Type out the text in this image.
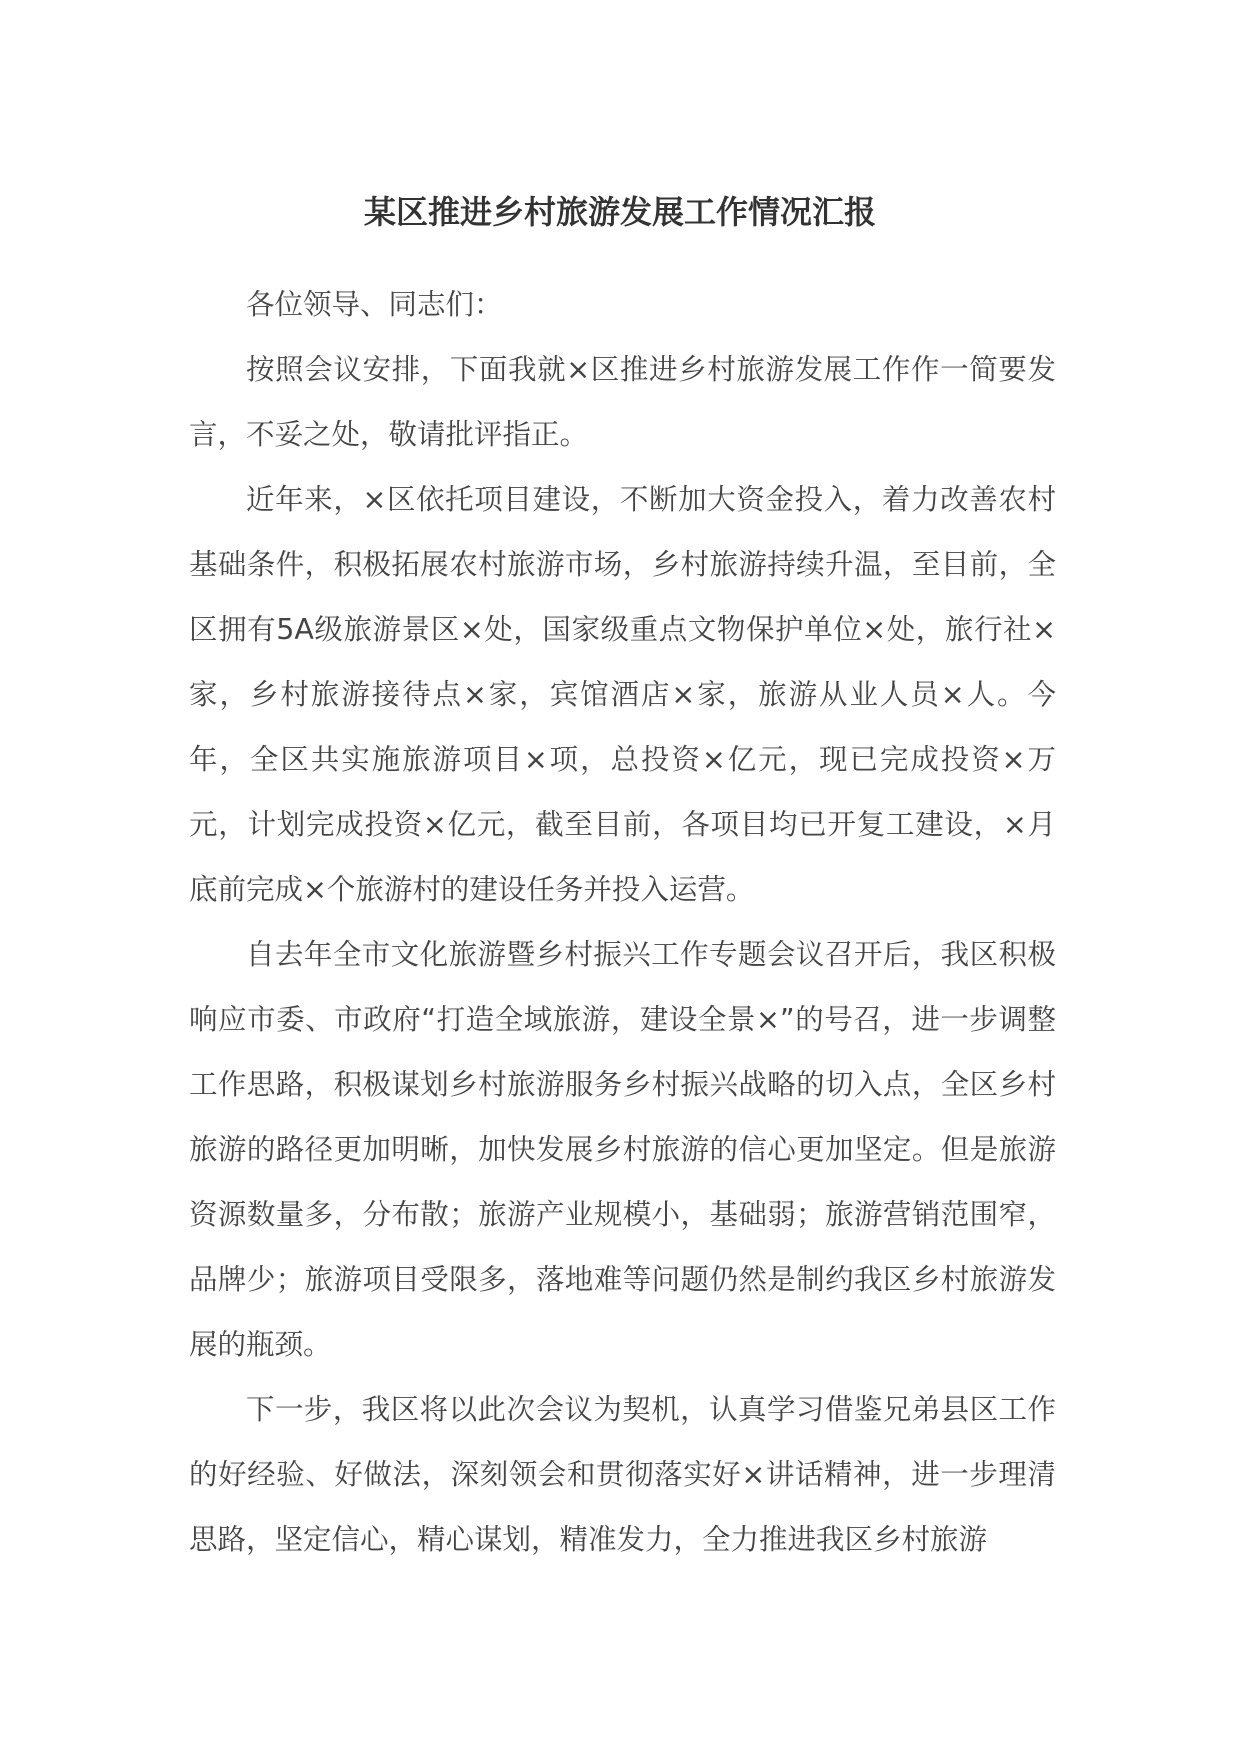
某区推进乡村旅游发展工作情况汇报

各位领导、同志们：

按照会议安排，下面我就×区推进乡村旅游发展工作作一简要发言，不妥之处，敬请批评指正。

近年来，×区依托项目建设，不断加大资金投入，着力改善农村基础条件，积极拓展农村旅游市场，乡村旅游持续升温，至目前，全区拥有5A级旅游景区×处，国家级重点文物保护单位×处，旅行社×家，乡村旅游接待点×家，宾馆酒店×家，旅游从业人员×人。今年，全区共实施旅游项目×项，总投资×亿元，现已完成投资×万元，计划完成投资×亿元，截至目前，各项目均已开复工建设，×月底前完成×个旅游村的建设任务并投入运营。

自去年全市文化旅游暨乡村振兴工作专题会议召开后，我区积极响应市委、市政府“打造全域旅游，建设全景×”的号召，进一步调整工作思路，积极谋划乡村旅游服务乡村振兴战略的切入点，全区乡村旅游的路径更加明晰，加快发展乡村旅游的信心更加坚定。但是旅游资源数量多，分布散；旅游产业规模小，基础弱；旅游营销范围窄，品牌少；旅游项目受限多，落地难等问题仍然是制约我区乡村旅游发展的瓶颈。

下一步，我区将以此次会议为契机，认真学习借鉴兄弟县区工作的好经验、好做法，深刻领会和贯彻落实好×讲话精神，进一步理清思路，坚定信心，精心谋划，精准发力，全力推进我区乡村旅游
